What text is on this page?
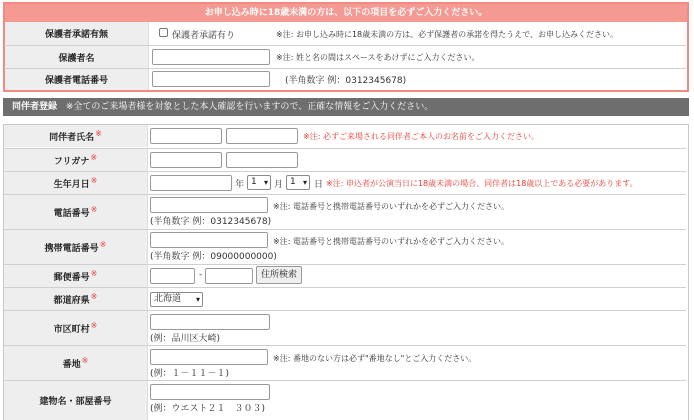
お申し込み時に18歳未満の方は、以下の項目を必ずご入力ください。
保護者承諾有無	保護者承諾有り	※注: お申し込み時に18歳未満の方は、必ず保護者の承諾を得たうえで、お申し込みください。
保護者名	※注: 姓と名の間はスペースをあけずにご入力ください。
保護者電話番号	(半角数字 例：0312345678)
同伴者登録 ※全てのご来場者様を対象とした本人確認を行いますので、正確な情報をご入力ください。
同伴者氏名 ※	※注: 必ずご来場される同伴者ご本人のお名前をご入力ください。
フリガナ ※
生年月日 ※	年 1 ▾ 月 1 ▾ 日 ※注: 申込者が公演当日に18歳未満の場合、同伴者は18歳以上である必要があります。
電話番号 ※	※注: 電話番号と携帯電話番号のいずれかを必ずご入力ください。
(半角数字 例：0312345678)
携帯電話番号 ※	※注: 電話番号と携帯電話番号のいずれかを必ずご入力ください。
(半角数字 例：09000000000)
郵便番号 ※	-	住所検索
都道府県 ※	北海道 ▾
市区町村 ※
(例：品川区大崎)
番地 ※	※注: 番地のない方は必ず"番地なし"とご入力ください。
(例：１－１１－１)
建物名・部屋番号
(例：ウエスト２１　３０３)
